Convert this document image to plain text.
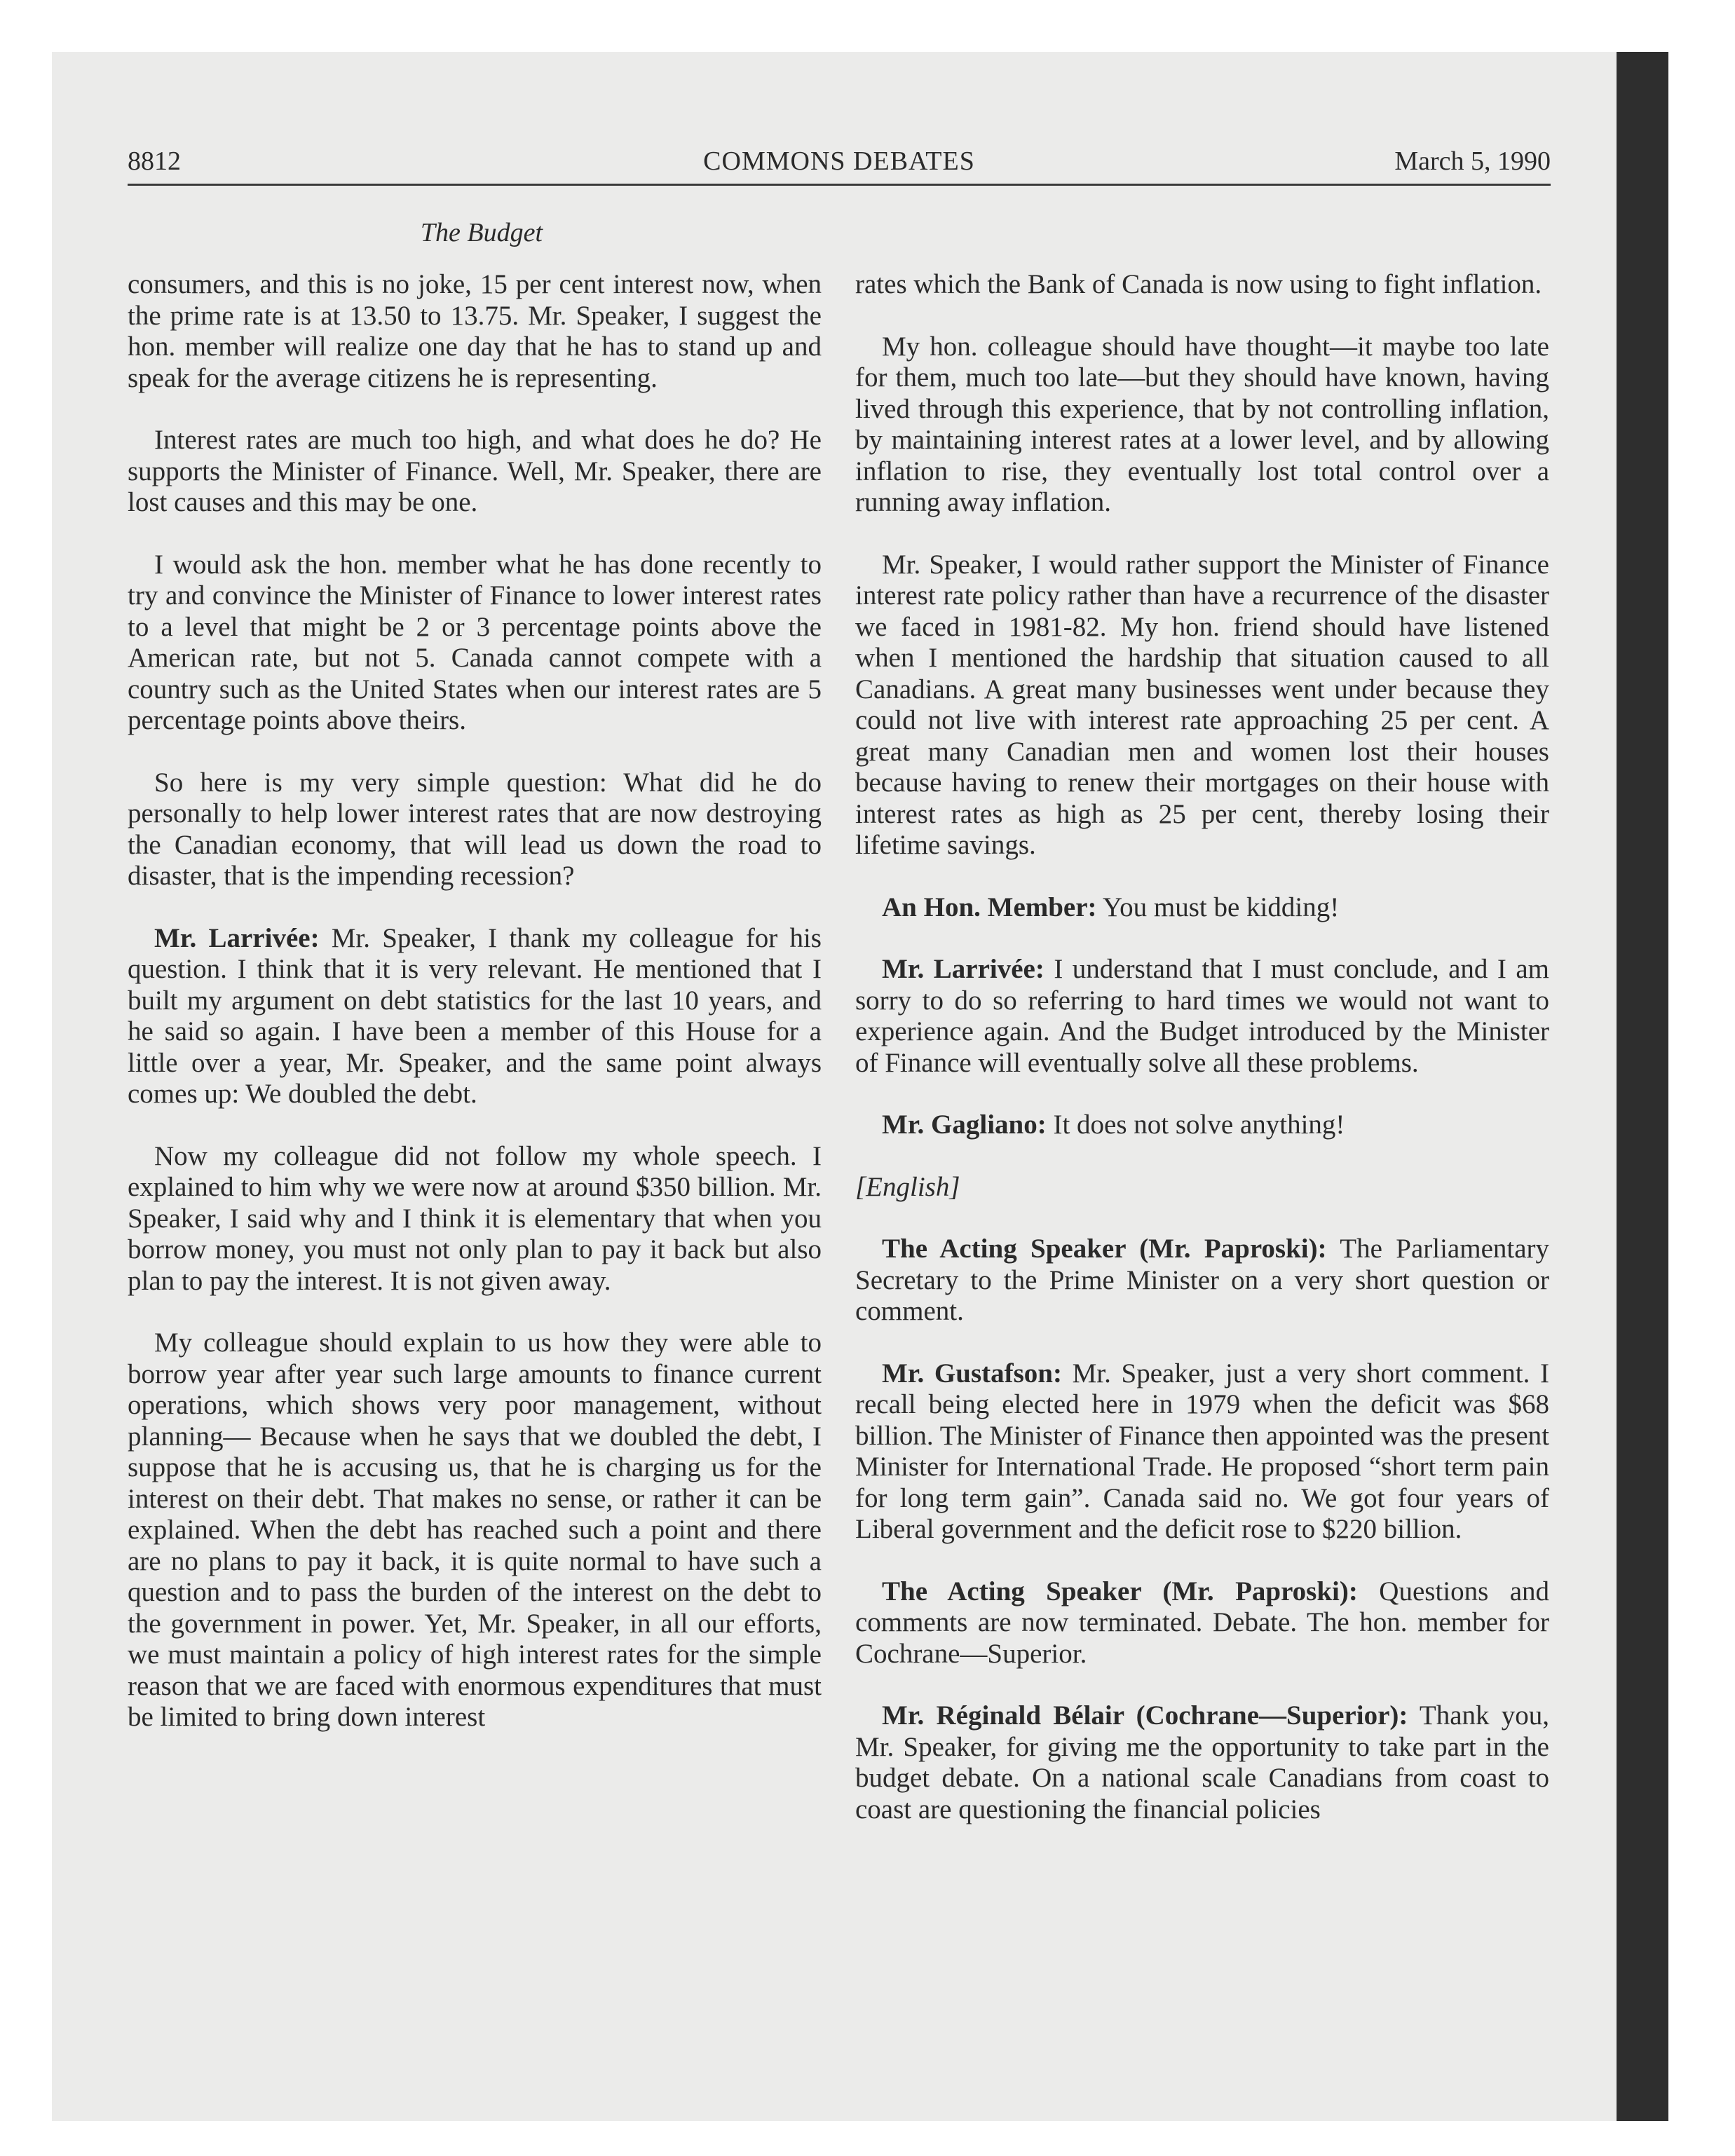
8812	COMMONS DEBATES	March 5, 1990
The Budget

consumers, and this is no joke, 15 per cent interest now, when the prime rate is at 13.50 to 13.75. Mr. Speaker, I suggest the hon. member will realize one day that he has to stand up and speak for the average citizens he is representing.

Interest rates are much too high, and what does he do? He supports the Minister of Finance. Well, Mr. Speaker, there are lost causes and this may be one.

I would ask the hon. member what he has done recently to try and convince the Minister of Finance to lower interest rates to a level that might be 2 or 3 percentage points above the American rate, but not 5. Canada cannot compete with a country such as the United States when our interest rates are 5 percentage points above theirs.

So here is my very simple question: What did he do personally to help lower interest rates that are now destroying the Canadian economy, that will lead us down the road to disaster, that is the impending recession?

Mr. Larrivée: Mr. Speaker, I thank my colleague for his question. I think that it is very relevant. He mentioned that I built my argument on debt statistics for the last 10 years, and he said so again. I have been a member of this House for a little over a year, Mr. Speaker, and the same point always comes up: We doubled the debt.

Now my colleague did not follow my whole speech. I explained to him why we were now at around $350 billion. Mr. Speaker, I said why and I think it is elementary that when you borrow money, you must not only plan to pay it back but also plan to pay the interest. It is not given away.

My colleague should explain to us how they were able to borrow year after year such large amounts to finance current operations, which shows very poor management, without planning— Because when he says that we doubled the debt, I suppose that he is accusing us, that he is charging us for the interest on their debt. That makes no sense, or rather it can be explained. When the debt has reached such a point and there are no plans to pay it back, it is quite normal to have such a question and to pass the burden of the interest on the debt to the government in power. Yet, Mr. Speaker, in all our efforts, we must maintain a policy of high interest rates for the simple reason that we are faced with enormous expenditures that must be limited to bring down interest

rates which the Bank of Canada is now using to fight inflation.

My hon. colleague should have thought—it maybe too late for them, much too late—but they should have known, having lived through this experience, that by not controlling inflation, by maintaining interest rates at a lower level, and by allowing inflation to rise, they eventually lost total control over a running away inflation.

Mr. Speaker, I would rather support the Minister of Finance interest rate policy rather than have a recurrence of the disaster we faced in 1981-82. My hon. friend should have listened when I mentioned the hardship that situation caused to all Canadians. A great many businesses went under because they could not live with interest rate approaching 25 per cent. A great many Canadian men and women lost their houses because having to renew their mortgages on their house with interest rates as high as 25 per cent, thereby losing their lifetime savings.

An Hon. Member: You must be kidding!

Mr. Larrivée: I understand that I must conclude, and I am sorry to do so referring to hard times we would not want to experience again. And the Budget introduced by the Minister of Finance will eventually solve all these problems.

Mr. Gagliano: It does not solve anything!

[English]

The Acting Speaker (Mr. Paproski): The Parliamentary Secretary to the Prime Minister on a very short question or comment.

Mr. Gustafson: Mr. Speaker, just a very short comment. I recall being elected here in 1979 when the deficit was $68 billion. The Minister of Finance then appointed was the present Minister for International Trade. He proposed “short term pain for long term gain”. Canada said no. We got four years of Liberal government and the deficit rose to $220 billion.

The Acting Speaker (Mr. Paproski): Questions and comments are now terminated. Debate. The hon. member for Cochrane—Superior.

Mr. Réginald Bélair (Cochrane—Superior): Thank you, Mr. Speaker, for giving me the opportunity to take part in the budget debate. On a national scale Canadians from coast to coast are questioning the financial policies
